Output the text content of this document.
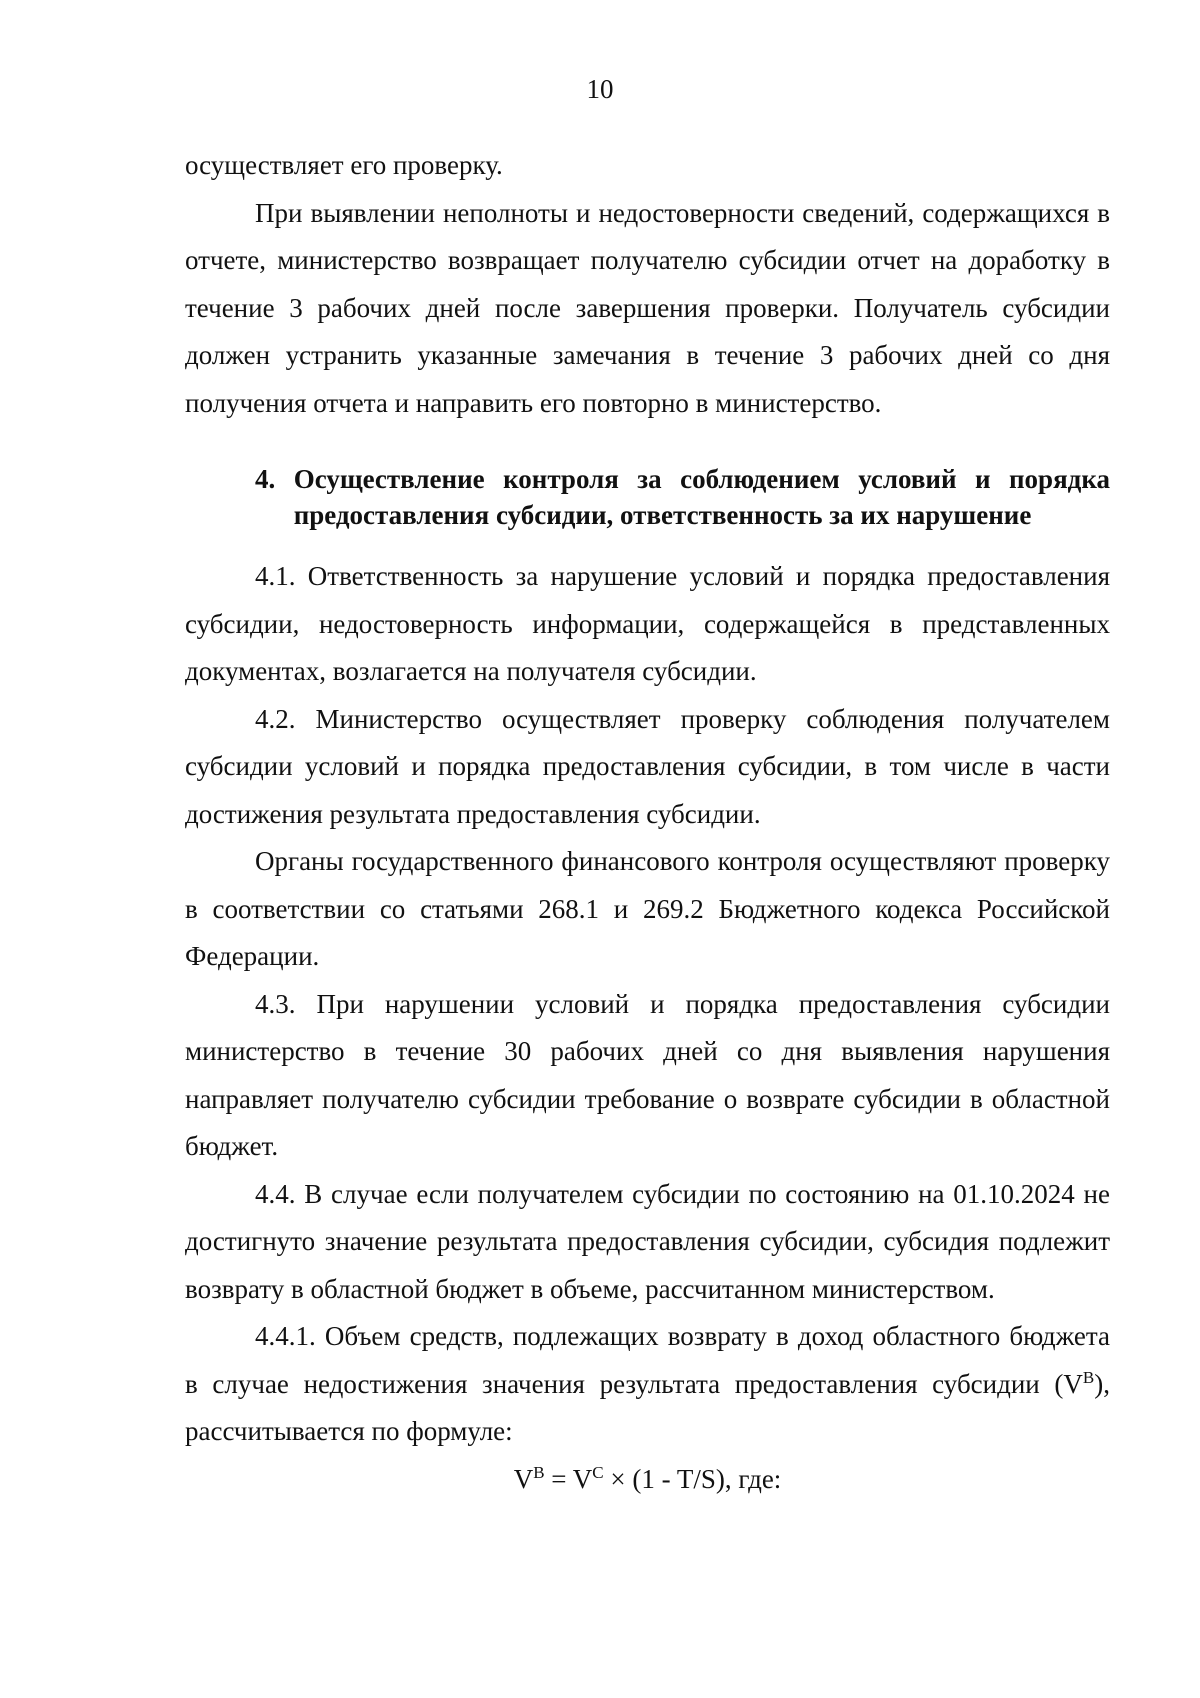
10

осуществляет его проверку.

При выявлении неполноты и недостоверности сведений, содержащихся в отчете, министерство возвращает получателю субсидии отчет на доработку в течение 3 рабочих дней после завершения проверки. Получатель субсидии должен устранить указанные замечания в течение 3 рабочих дней со дня получения отчета и направить его повторно в министерство.

4. Осуществление контроля за соблюдением условий и порядка
предоставления субсидии, ответственность за их нарушение

4.1. Ответственность за нарушение условий и порядка предоставления субсидии, недостоверность информации, содержащейся в представленных документах, возлагается на получателя субсидии.

4.2. Министерство осуществляет проверку соблюдения получателем субсидии условий и порядка предоставления субсидии, в том числе в части достижения результата предоставления субсидии.

Органы государственного финансового контроля осуществляют проверку в соответствии со статьями 268.1 и 269.2 Бюджетного кодекса Российской Федерации.

4.3. При нарушении условий и порядка предоставления субсидии министерство в течение 30 рабочих дней со дня выявления нарушения направляет получателю субсидии требование о возврате субсидии в областной бюджет.

4.4. В случае если получателем субсидии по состоянию на 01.10.2024 не достигнуто значение результата предоставления субсидии, субсидия подлежит возврату в областной бюджет в объеме, рассчитанном министерством.

4.4.1. Объем средств, подлежащих возврату в доход областного бюджета в случае недостижения значения результата предоставления субсидии $(V^B)$, рассчитывается по формуле:

$V^B = V^C \times (1 - T/S)$, где:
